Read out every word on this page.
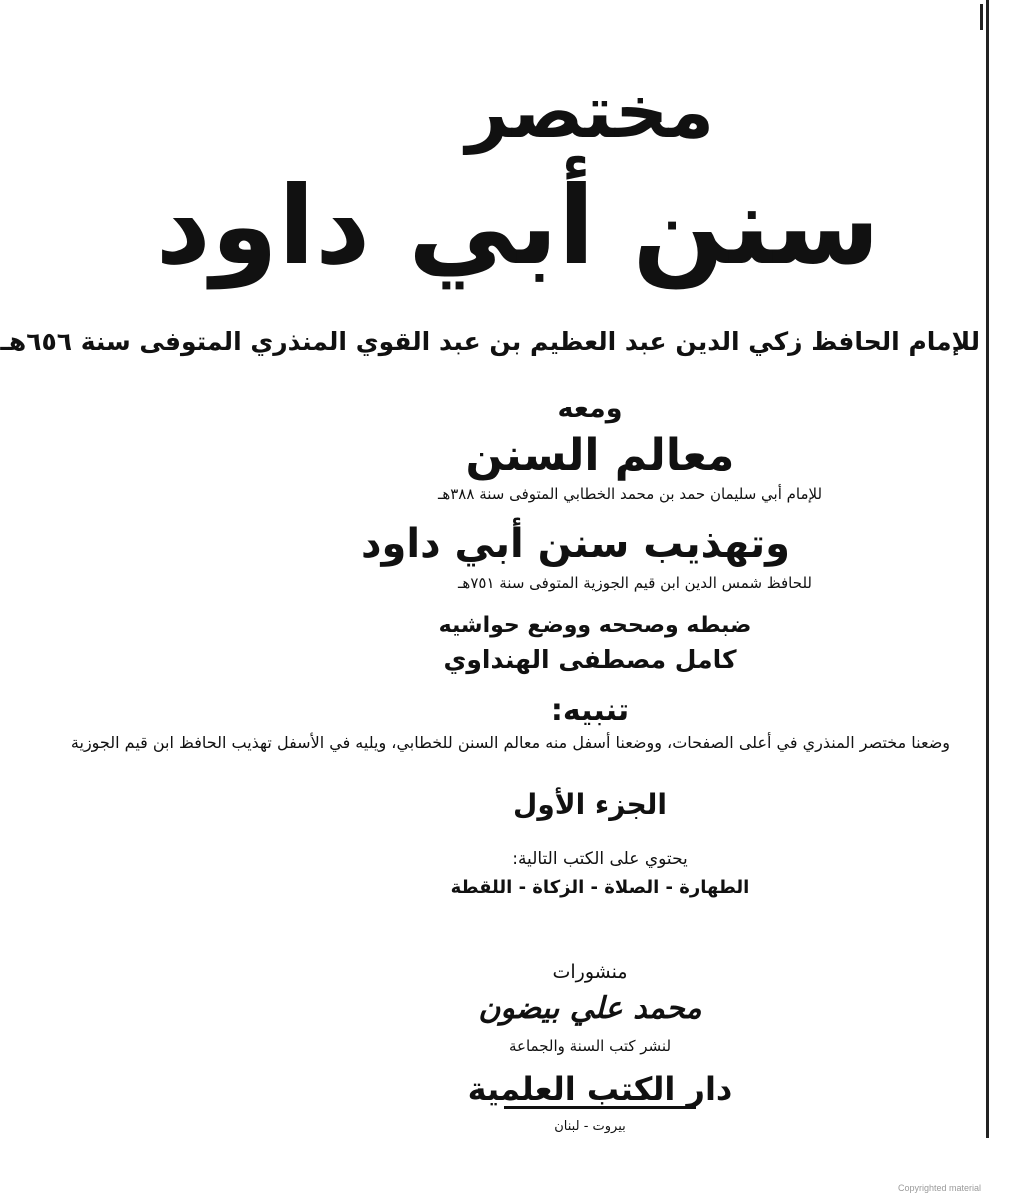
مختصر
سنن أبي داود
للإمام الحافظ زكي الدين عبد العظيم بن عبد القوي المنذري المتوفى سنة ٦٥٦هـ
ومعه
معالم السنن
للإمام أبي سليمان حمد بن محمد الخطابي المتوفى سنة ٣٨٨هـ
وتهذيب سنن أبي داود
للحافظ شمس الدين ابن قيم الجوزية المتوفى سنة ٧٥١هـ
ضبطه وصححه ووضع حواشيه
كامل مصطفى الهنداوي
تنبيه:
وضعنا مختصر المنذري في أعلى الصفحات، ووضعنا أسفل منه معالم السنن للخطابي، ويليه في الأسفل تهذيب الحافظ ابن قيم الجوزية
الجزء الأول
يحتوي على الكتب التالية:
الطهارة - الصلاة - الزكاة - اللقطة
منشورات
محمد علي بيضون
لنشر كتب السنة والجماعة
دار الكتب العلمية
بيروت - لبنان
Copyrighted material
